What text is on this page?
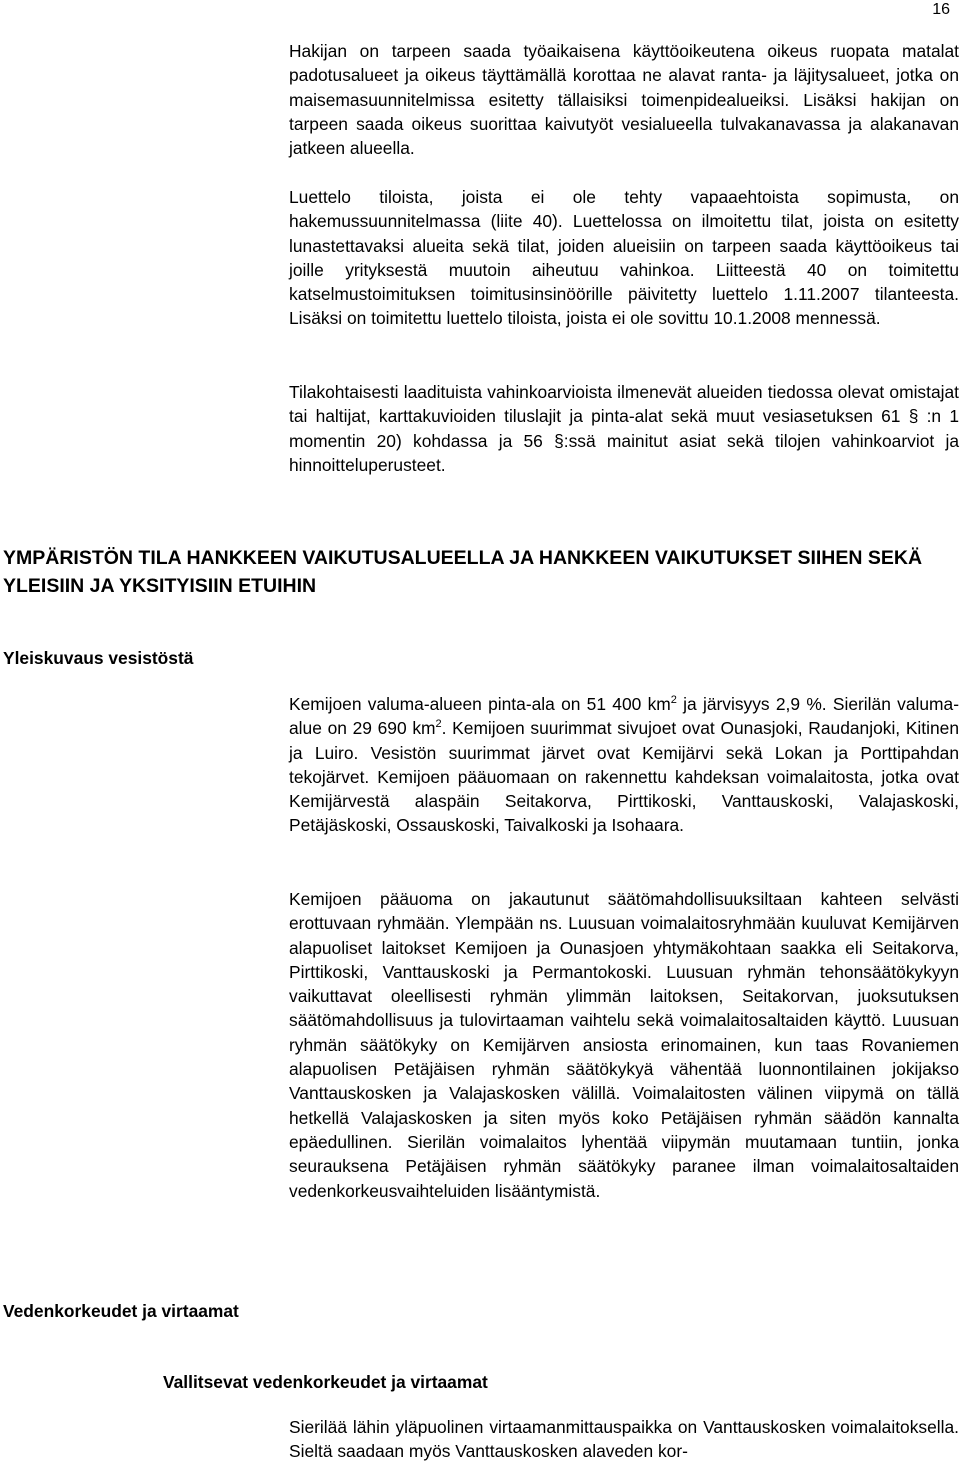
16

Hakijan on tarpeen saada työaikaisena käyttöoikeutena oikeus ruopata matalat padotusalueet ja oikeus täyttämällä korottaa ne alavat ranta- ja läjitysalueet, jotka on maisemasuunnitelmissa esitetty tällaisiksi toimenpidealueiksi. Lisäksi hakijan on tarpeen saada oikeus suorittaa kaivutyöt vesialueella tulvakanavassa ja alakanavan jatkeen alueella.

Luettelo tiloista, joista ei ole tehty vapaaehtoista sopimusta, on hakemussuunnitelmassa (liite 40). Luettelossa on ilmoitettu tilat, joista on esitetty lunastettavaksi alueita sekä tilat, joiden alueisiin on tarpeen saada käyttöoikeus tai joille yrityksestä muutoin aiheutuu vahinkoa. Liitteestä 40 on toimitettu katselmustoimituksen toimitusinsinöörille päivitetty luettelo 1.11.2007 tilanteesta. Lisäksi on toimitettu luettelo tiloista, joista ei ole sovittu 10.1.2008 mennessä.

Tilakohtaisesti laadituista vahinkoarvioista ilmenevät alueiden tiedossa olevat omistajat tai haltijat, karttakuvioiden tiluslajit ja pinta-alat sekä muut vesiasetuksen 61 § :n 1 momentin 20) kohdassa ja 56 §:ssä mainitut asiat sekä tilojen vahinkoarviot ja hinnoitteluperusteet.

YMPÄRISTÖN TILA HANKKEEN VAIKUTUSALUEELLA JA HANKKEEN VAIKUTUKSET SIIHEN SEKÄ YLEISIIN JA YKSITYISIIN ETUIHIN
Yleiskuvaus vesistöstä

Kemijoen valuma-alueen pinta-ala on 51 400 $km^2$ ja järvisyys 2,9 %. Sierilän valuma-alue on 29 690 $km^2$. Kemijoen suurimmat sivujoet ovat Ounasjoki, Raudanjoki, Kitinen ja Luiro. Vesistön suurimmat järvet ovat Kemijärvi sekä Lokan ja Porttipahdan tekojärvet. Kemijoen pääuomaan on rakennettu kahdeksan voimalaitosta, jotka ovat Kemijärvestä alaspäin Seitakorva, Pirttikoski, Vanttauskoski, Valajaskoski, Petäjäskoski, Ossauskoski, Taivalkoski ja Isohaara.

Kemijoen pääuoma on jakautunut säätömahdollisuuksiltaan kahteen selvästi erottuvaan ryhmään. Ylempään ns. Luusuan voimalaitosryhmään kuuluvat Kemijärven alapuoliset laitokset Kemijoen ja Ounasjoen yhtymäkohtaan saakka eli Seitakorva, Pirttikoski, Vanttauskoski ja Permantokoski. Luusuan ryhmän tehonsäätökykyyn vaikuttavat oleellisesti ryhmän ylimmän laitoksen, Seitakorvan, juoksutuksen säätömahdollisuus ja tulovirtaaman vaihtelu sekä voimalaitosaltaiden käyttö. Luusuan ryhmän säätökyky on Kemijärven ansiosta erinomainen, kun taas Rovaniemen alapuolisen Petäjäisen ryhmän säätökykyä vähentää luonnontilainen jokijakso Vanttauskosken ja Valajaskosken välillä. Voimalaitosten välinen viipymä on tällä hetkellä Valajaskosken ja siten myös koko Petäjäisen ryhmän säädön kannalta epäedullinen. Sierilän voimalaitos lyhentää viipymän muutamaan tuntiin, jonka seurauksena Petäjäisen ryhmän säätökyky paranee ilman voimalaitosaltaiden vedenkorkeusvaihteluiden lisääntymistä.

Vedenkorkeudet ja virtaamat
Vallitsevat vedenkorkeudet ja virtaamat

Sierilää lähin yläpuolinen virtaamanmittauspaikka on Vanttauskosken voimalaitoksella. Sieltä saadaan myös Vanttauskosken alaveden kor-
